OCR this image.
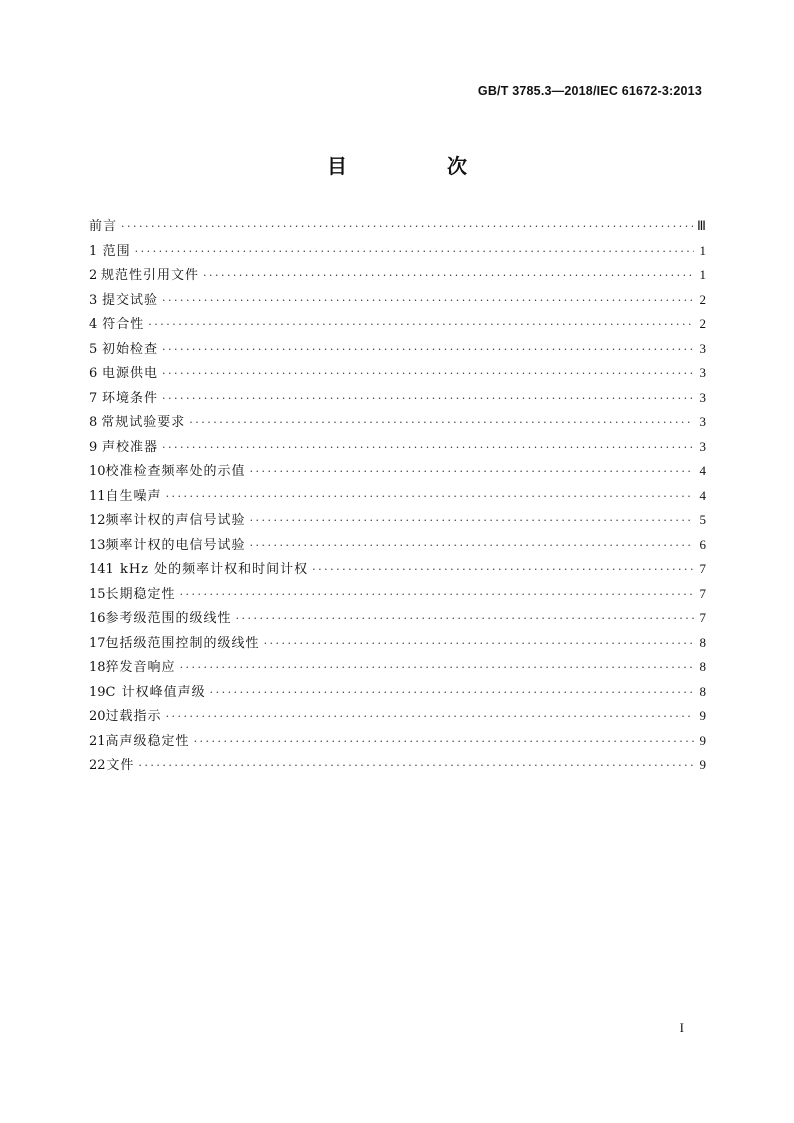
GB/T 3785.3—2018/IEC 61672-3:2013
目　次
前言 ·····	Ⅲ
1 范围 ·····	1
2 规范性引用文件 ·····	1
3 提交试验 ·····	2
4 符合性 ·····	2
5 初始检查 ·····	3
6 电源供电 ·····	3
7 环境条件 ·····	3
8 常规试验要求 ·····	3
9 声校准器 ·····	3
10 校准检查频率处的示值 ·····	4
11 自生噪声 ·····	4
12 频率计权的声信号试验 ·····	5
13 频率计权的电信号试验 ·····	6
14 1 kHz 处的频率计权和时间计权 ·····	7
15 长期稳定性 ·····	7
16 参考级范围的级线性 ·····	7
17 包括级范围控制的级线性 ·····	8
18 猝发音响应 ·····	8
19 C 计权峰值声级 ·····	8
20 过载指示 ·····	9
21 高声级稳定性 ·····	9
22 文件 ·····	9
I
